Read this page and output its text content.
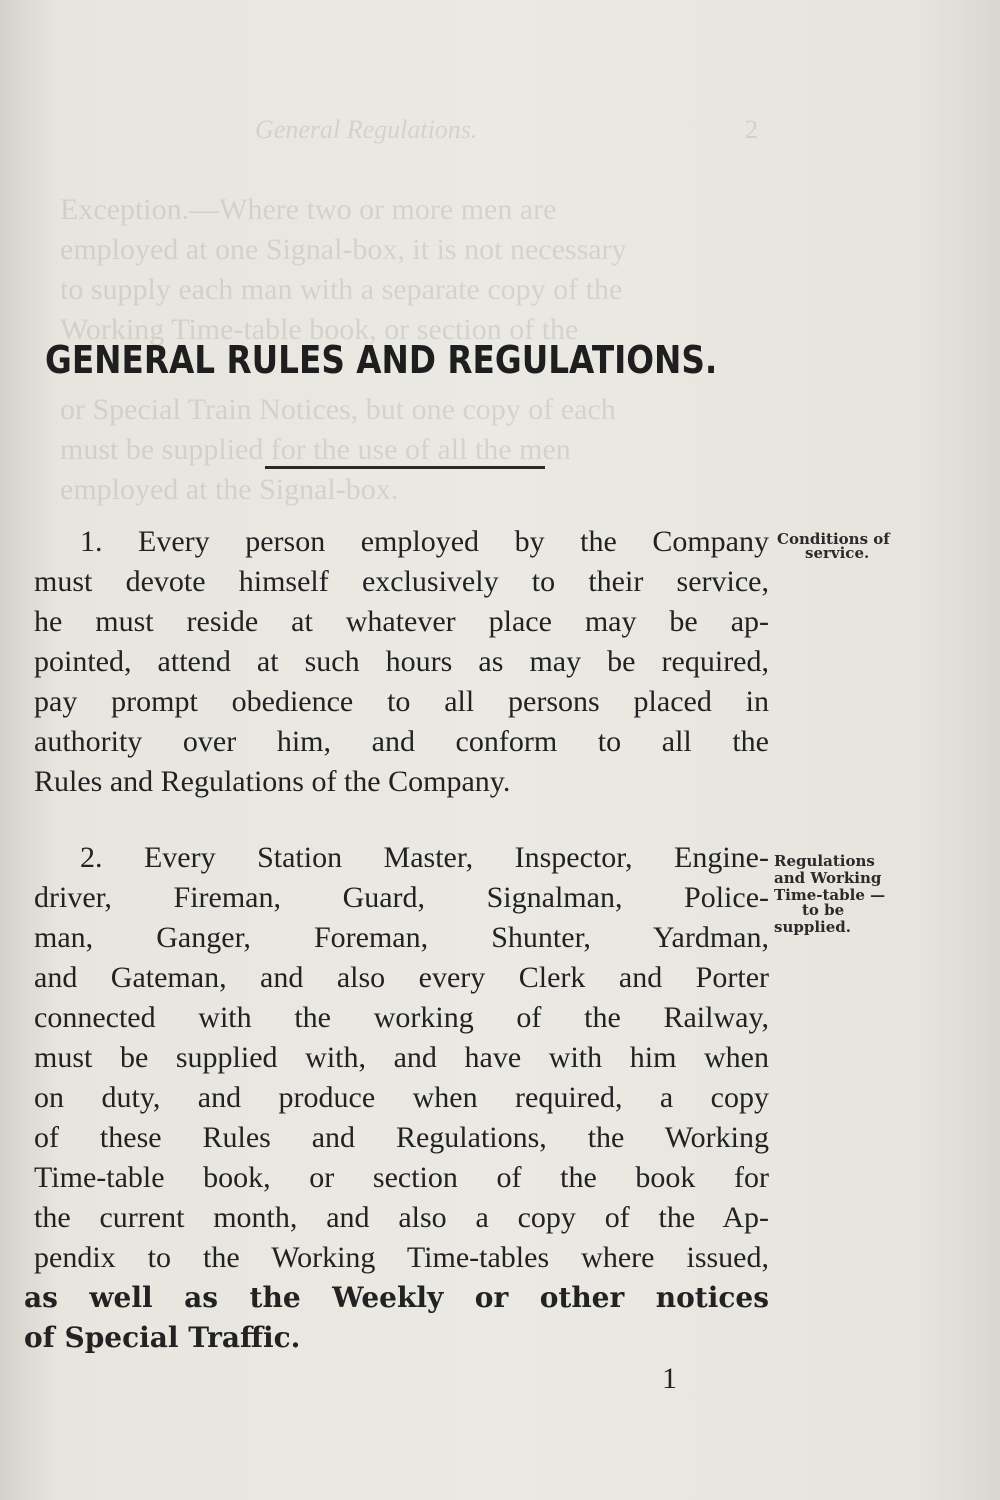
General Regulations.	2
Exception.—Where two or more men are
employed at one Signal-box, it is not necessary
to supply each man with a separate copy of the
Working Time-table book, or section of the

or Special Train Notices, but one copy of each
must be supplied for the use of all the men
employed at the Signal-box.
GENERAL RULES AND REGULATIONS.
1. Every person employed by the Company
must devote himself exclusively to their service,
he must reside at whatever place may be ap-
pointed, attend at such hours as may be required,
pay prompt obedience to all persons placed in
authority over him, and conform to all the
Rules and Regulations of the Company.
Conditions of
service.
2. Every Station Master, Inspector, Engine-
driver, Fireman, Guard, Signalman, Police-
man, Ganger, Foreman, Shunter, Yardman,
and Gateman, and also every Clerk and Porter
connected with the working of the Railway,
must be supplied with, and have with him when
on duty, and produce when required, a copy
of these Rules and Regulations, the Working
Time-table book, or section of the book for
the current month, and also a copy of the Ap-
pendix to the Working Time-tables where issued,
as well as the Weekly or other notices
of Special Traffic.
Regulations
and Working
Time-table —
to be
supplied.
1
